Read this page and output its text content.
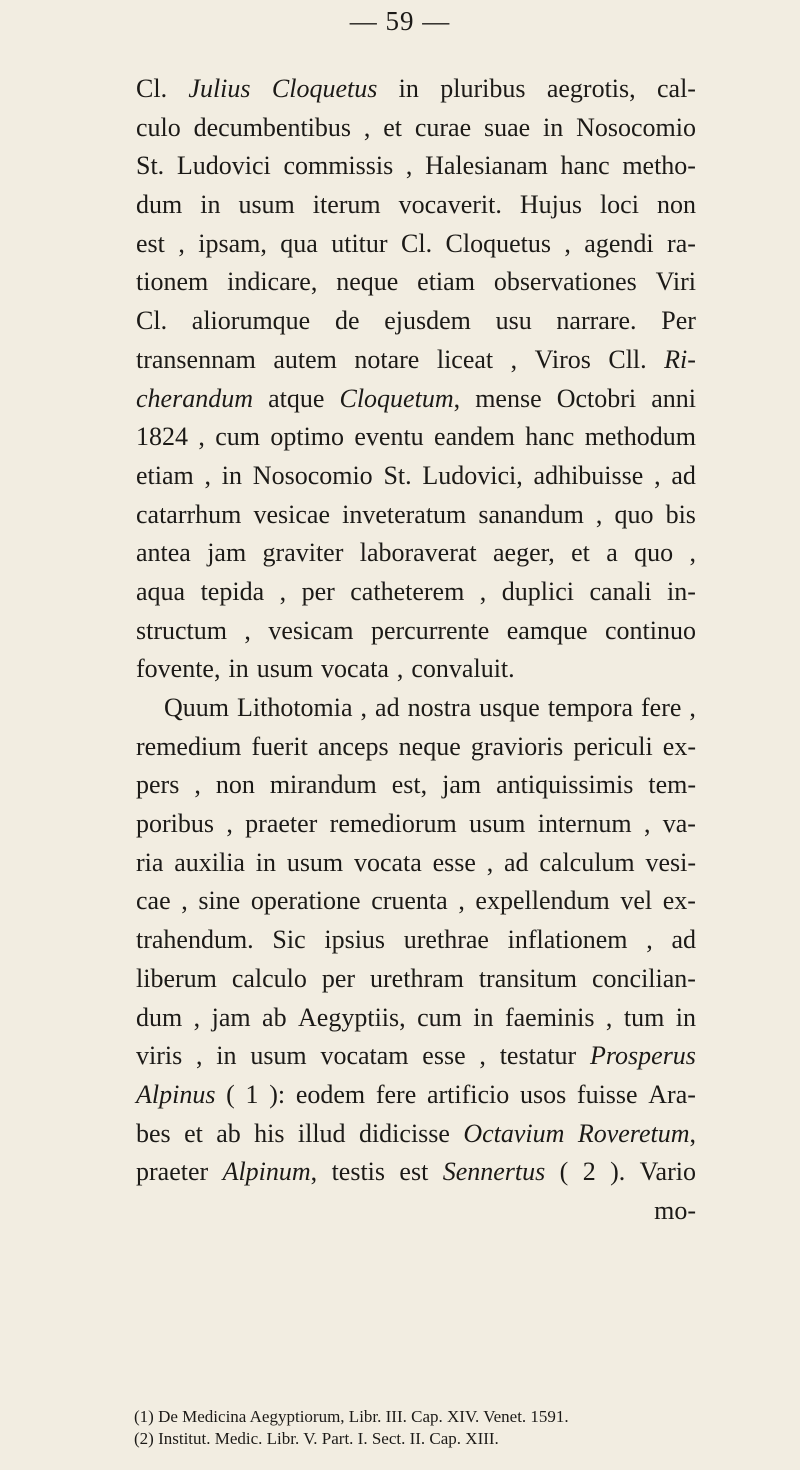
— 59 —
Cl. Julius Cloquetus in pluribus aegrotis, cal-
culo decumbentibus , et curae suae in Nosocomio
St. Ludovici commissis , Halesianam hanc metho-
dum in usum iterum vocaverit. Hujus loci non
est , ipsam, qua utitur Cl. Cloquetus , agendi ra-
tionem indicare, neque etiam observationes Viri
Cl. aliorumque de ejusdem usu narrare. Per
transennam autem notare liceat , Viros Cll. Ri-
cherandum atque Cloquetum, mense Octobri anni
1824 , cum optimo eventu eandem hanc methodum
etiam , in Nosocomio St. Ludovici, adhibuisse , ad
catarrhum vesicae inveteratum sanandum , quo bis
antea jam graviter laboraverat aeger, et a quo ,
aqua tepida , per catheterem , duplici canali in-
structum , vesicam percurrente eamque continuo
fovente, in usum vocata , convaluit.
Quum Lithotomia , ad nostra usque tempora fere ,
remedium fuerit anceps neque gravioris periculi ex-
pers , non mirandum est, jam antiquissimis tem-
poribus , praeter remediorum usum internum , va-
ria auxilia in usum vocata esse , ad calculum vesi-
cae , sine operatione cruenta , expellendum vel ex-
trahendum. Sic ipsius urethrae inflationem , ad
liberum calculo per urethram transitum concilian-
dum , jam ab Aegyptiis, cum in faeminis , tum in
viris , in usum vocatam esse , testatur Prosperus
Alpinus ( 1 ): eodem fere artificio usos fuisse Ara-
bes et ab his illud didicisse Octavium Roveretum,
praeter Alpinum, testis est Sennertus ( 2 ). Vario
mo-
(1) De Medicina Aegyptiorum, Libr. III. Cap. XIV. Venet. 1591.
(2) Institut. Medic. Libr. V. Part. I. Sect. II. Cap. XIII.
